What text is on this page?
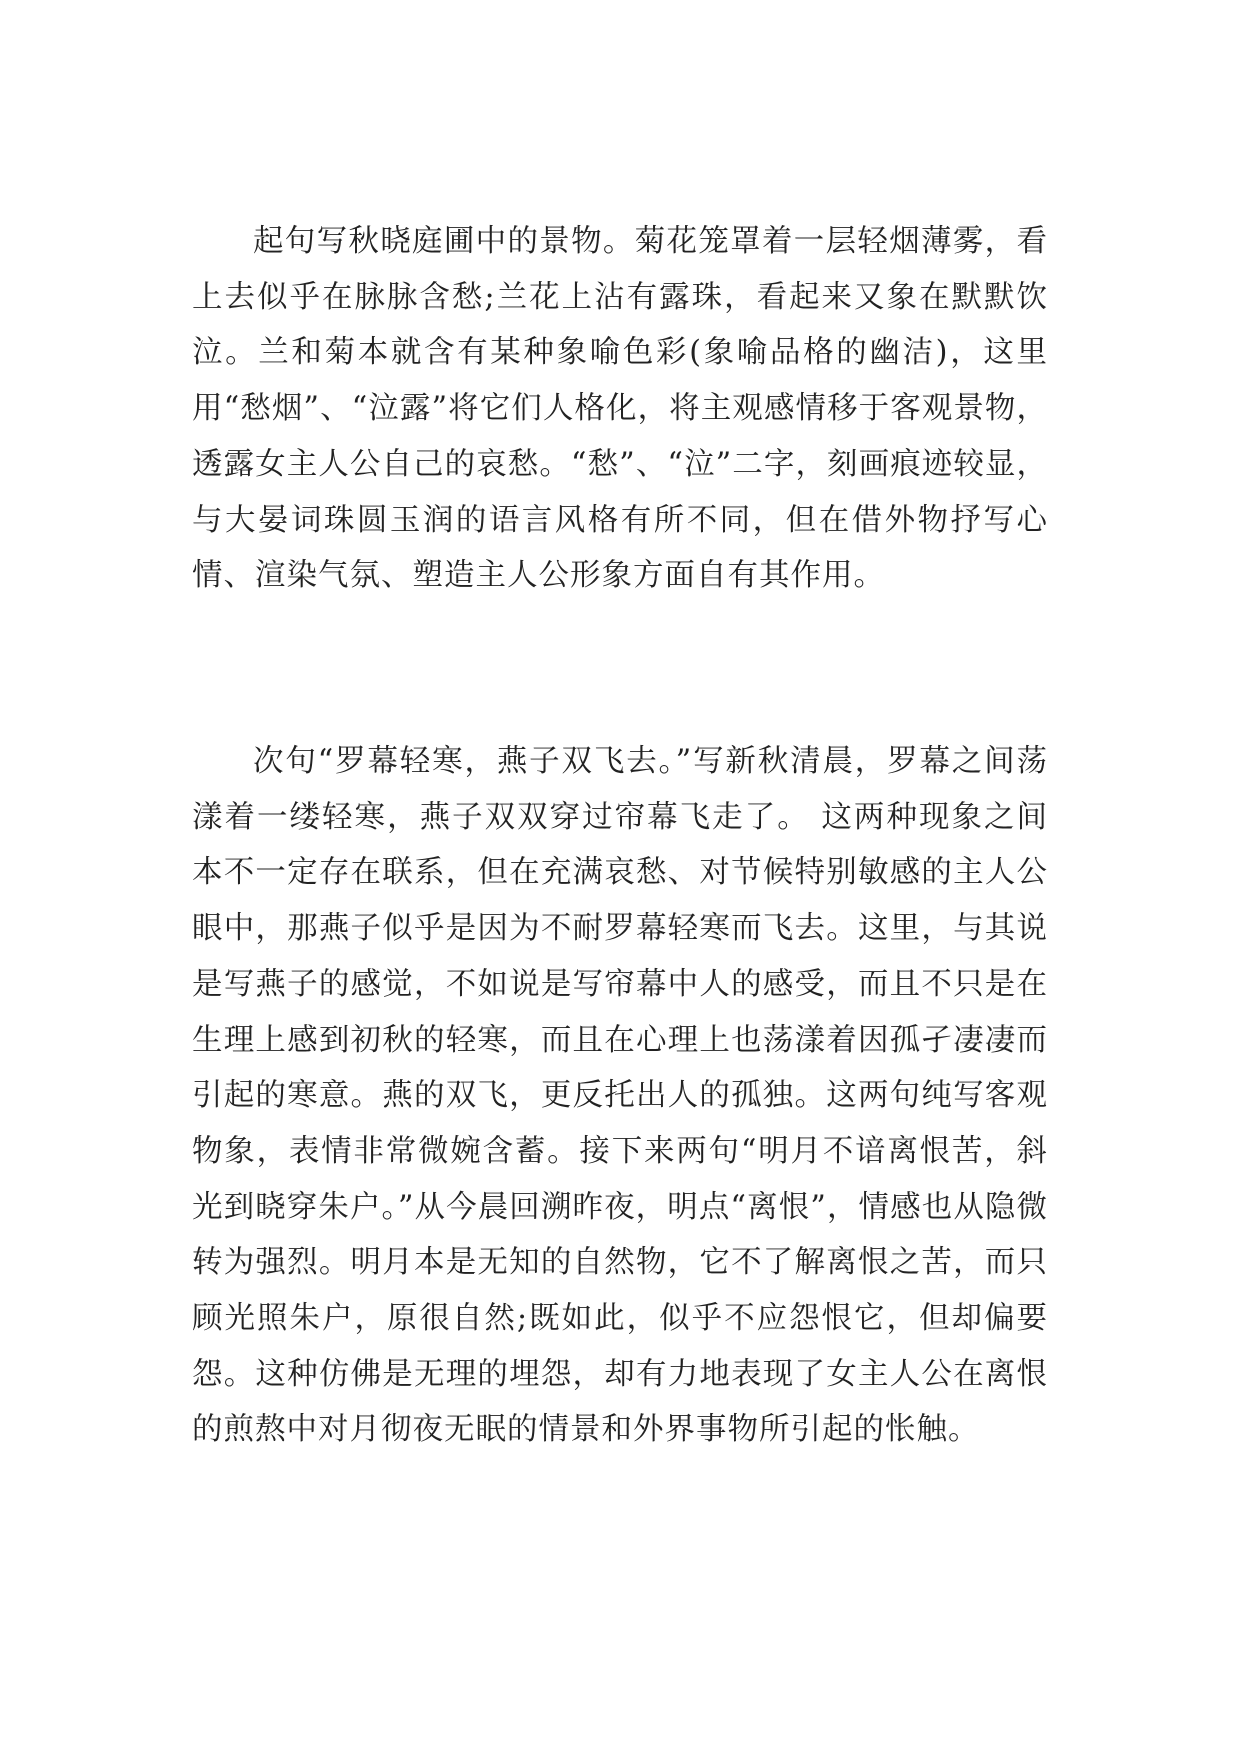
起句写秋晓庭圃中的景物。菊花笼罩着一层轻烟薄雾，看上去似乎在脉脉含愁;兰花上沾有露珠，看起来又象在默默饮泣。兰和菊本就含有某种象喻色彩(象喻品格的幽洁)，这里用“愁烟”、“泣露”将它们人格化，将主观感情移于客观景物，透露女主人公自己的哀愁。“愁”、“泣”二字，刻画痕迹较显，与大晏词珠圆玉润的语言风格有所不同，但在借外物抒写心情、渲染气氛、塑造主人公形象方面自有其作用。

次句“罗幕轻寒，燕子双飞去。”写新秋清晨，罗幕之间荡漾着一缕轻寒，燕子双双穿过帘幕飞走了。 这两种现象之间本不一定存在联系，但在充满哀愁、对节候特别敏感的主人公眼中，那燕子似乎是因为不耐罗幕轻寒而飞去。这里，与其说是写燕子的感觉，不如说是写帘幕中人的感受，而且不只是在生理上感到初秋的轻寒，而且在心理上也荡漾着因孤孑凄凄而引起的寒意。燕的双飞，更反托出人的孤独。这两句纯写客观物象，表情非常微婉含蓄。接下来两句“明月不谙离恨苦，斜光到晓穿朱户。”从今晨回溯昨夜，明点“离恨”，情感也从隐微转为强烈。明月本是无知的自然物，它不了解离恨之苦，而只顾光照朱户，原很自然;既如此，似乎不应怨恨它，但却偏要怨。这种仿佛是无理的埋怨，却有力地表现了女主人公在离恨的煎熬中对月彻夜无眠的情景和外界事物所引起的怅触。
